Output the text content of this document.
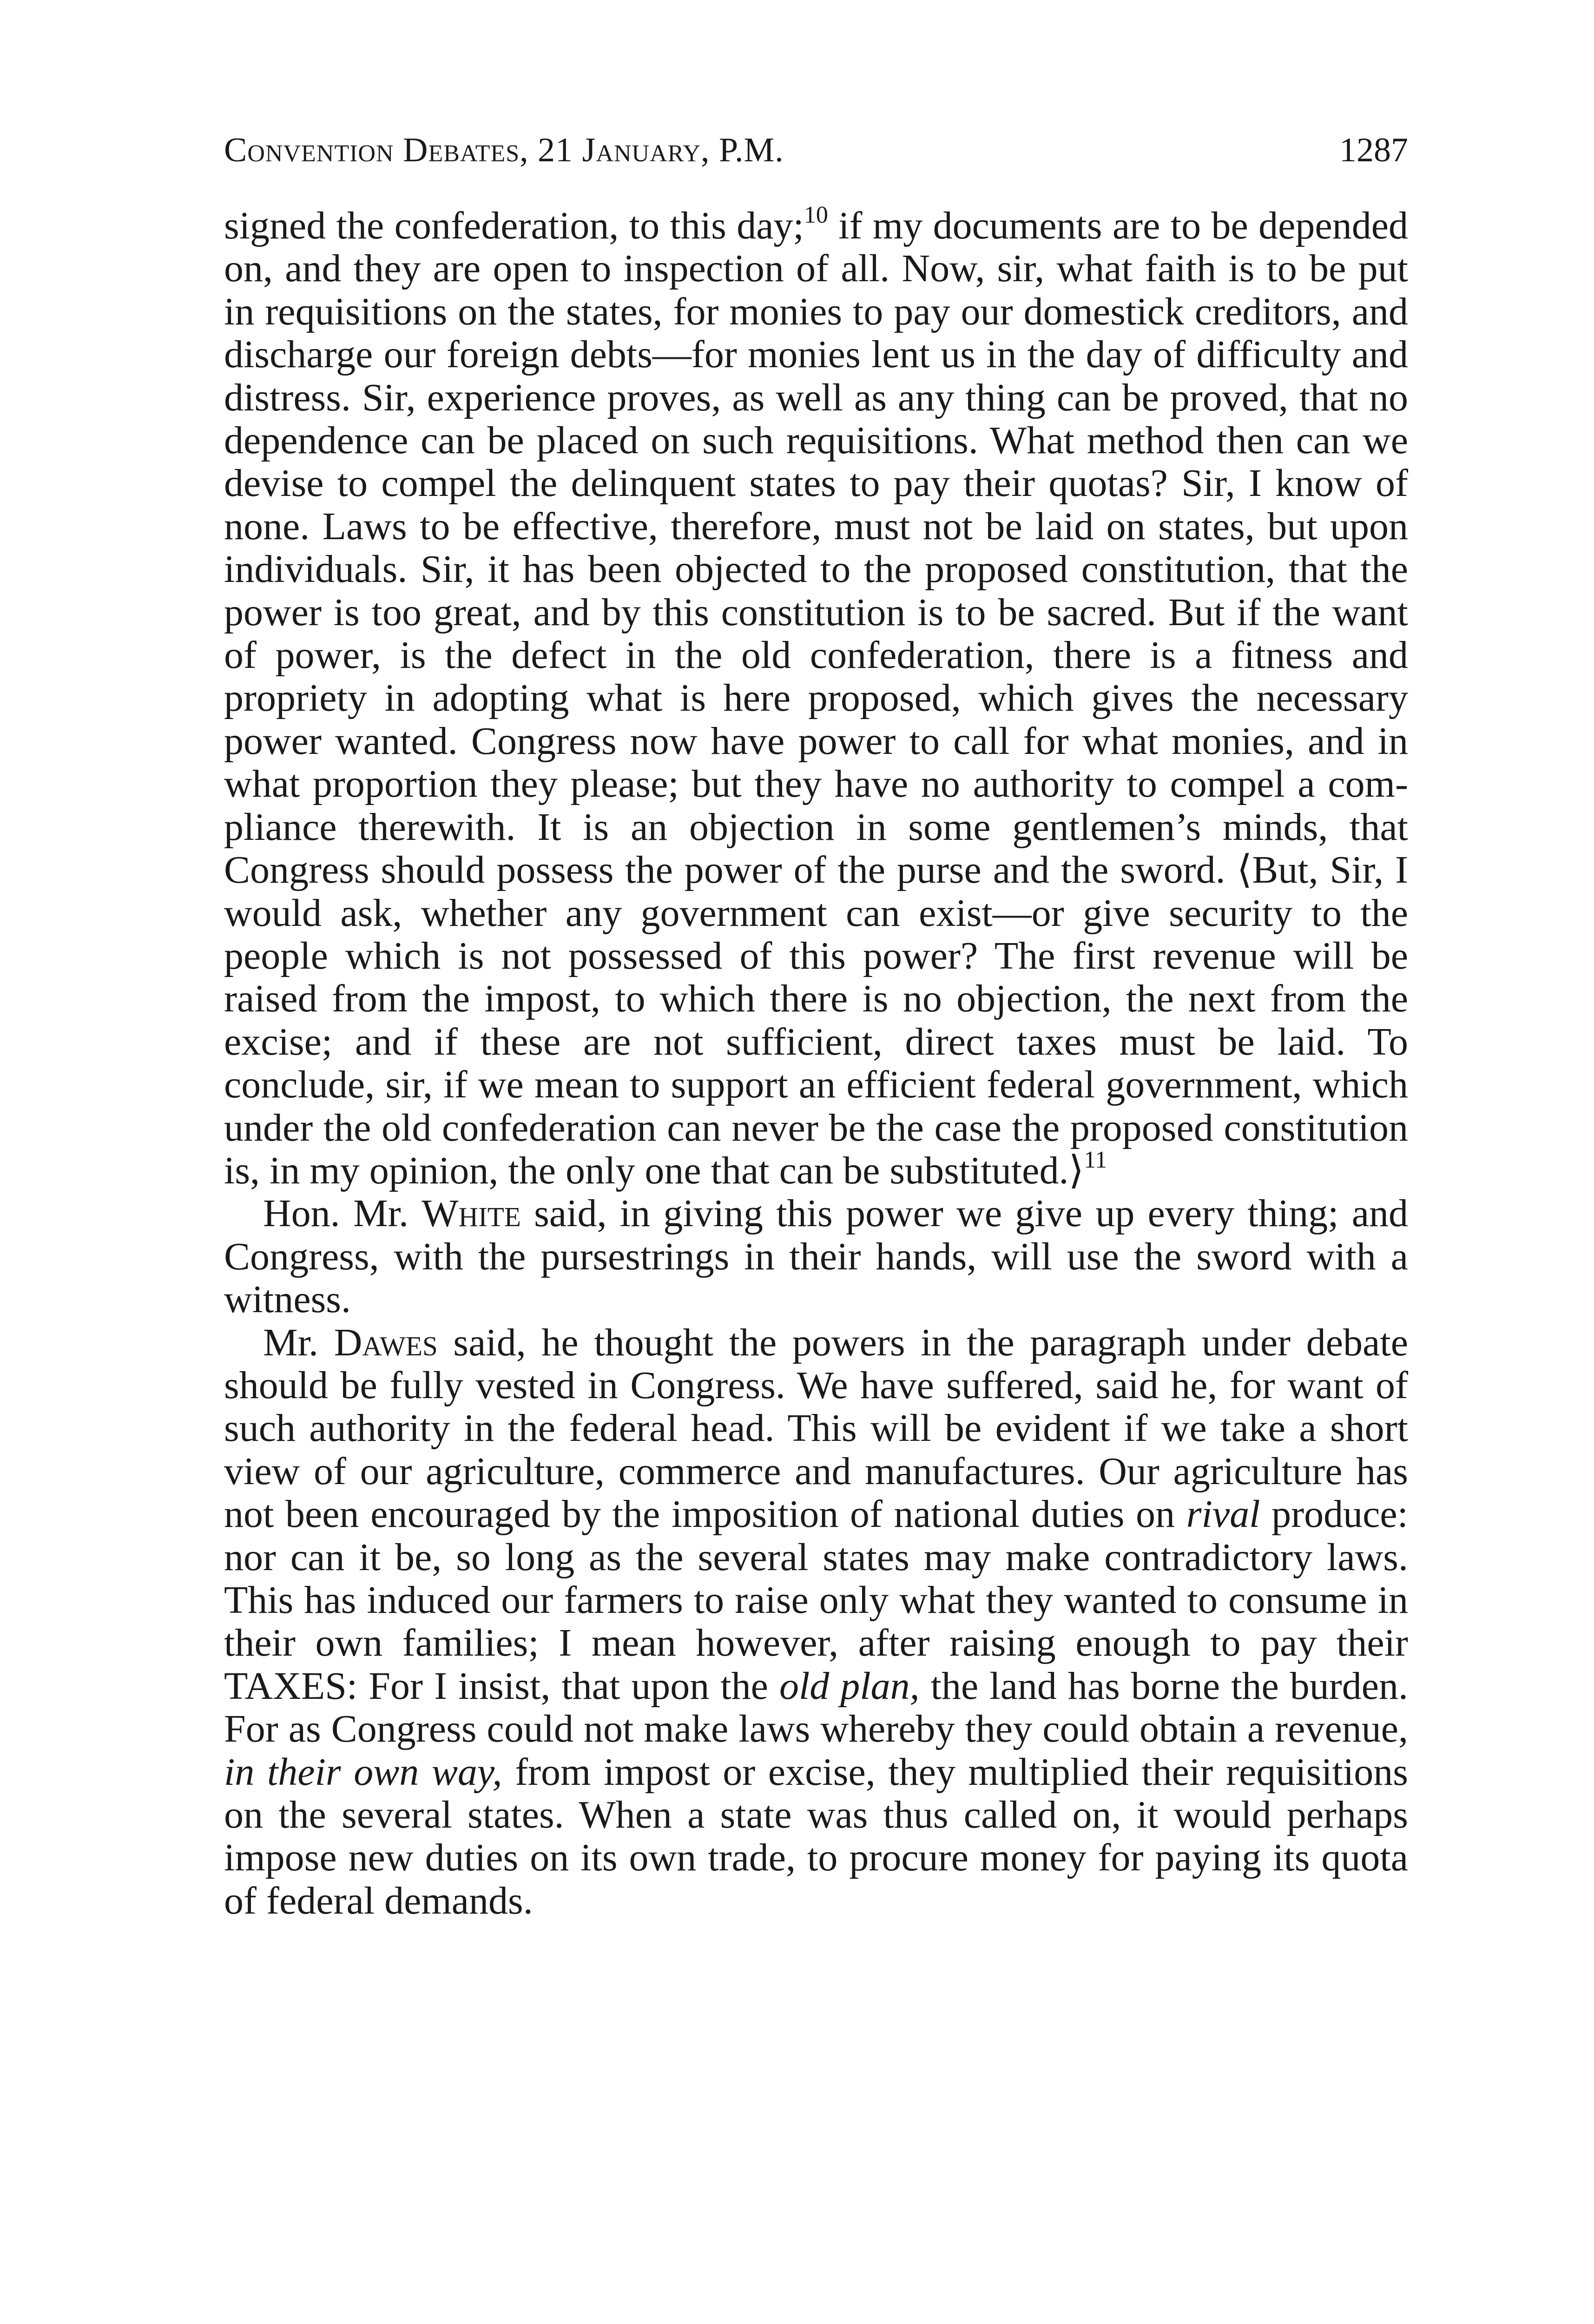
Convention Debates, 21 January, P.M.	1287

signed the confederation, to this day;$^{10}$ if my documents are to be depended on, and they are open to inspection of all. Now, sir, what faith is to be put in requisitions on the states, for monies to pay our domestick creditors, and discharge our foreign debts—for monies lent us in the day of difficulty and distress. Sir, experience proves, as well as any thing can be proved, that no dependence can be placed on such requisitions. What method then can we devise to compel the delinquent states to pay their quotas? Sir, I know of none. Laws to be effective, therefore, must not be laid on states, but upon individuals. Sir, it has been objected to the proposed constitution, that the power is too great, and by this constitution is to be sacred. But if the want of power, is the defect in the old confederation, there is a fitness and propriety in adopting what is here proposed, which gives the necessary power wanted. Congress now have power to call for what monies, and in what proportion they please; but they have no authority to compel a compliance therewith. It is an objection in some gentlemen’s minds, that Congress should possess the power of the purse and the sword. ⟨But, Sir, I would ask, whether any government can exist—or give security to the people which is not possessed of this power? The first revenue will be raised from the impost, to which there is no objection, the next from the excise; and if these are not sufficient, direct taxes must be laid. To conclude, sir, if we mean to support an efficient federal government, which under the old confederation can never be the case the proposed constitution is, in my opinion, the only one that can be substituted.⟩$^{11}$

Hon. Mr. White said, in giving this power we give up every thing; and Congress, with the pursestrings in their hands, will use the sword with a witness.

Mr. Dawes said, he thought the powers in the paragraph under debate should be fully vested in Congress. We have suffered, said he, for want of such authority in the federal head. This will be evident if we take a short view of our agriculture, commerce and manufactures. Our agriculture has not been encouraged by the imposition of national duties on rival produce: nor can it be, so long as the several states may make contradictory laws. This has induced our farmers to raise only what they wanted to consume in their own families; I mean however, after raising enough to pay their TAXES: For I insist, that upon the old plan, the land has borne the burden. For as Congress could not make laws whereby they could obtain a revenue, in their own way, from impost or excise, they multiplied their requisitions on the several states. When a state was thus called on, it would perhaps impose new duties on its own trade, to procure money for paying its quota of federal demands.
